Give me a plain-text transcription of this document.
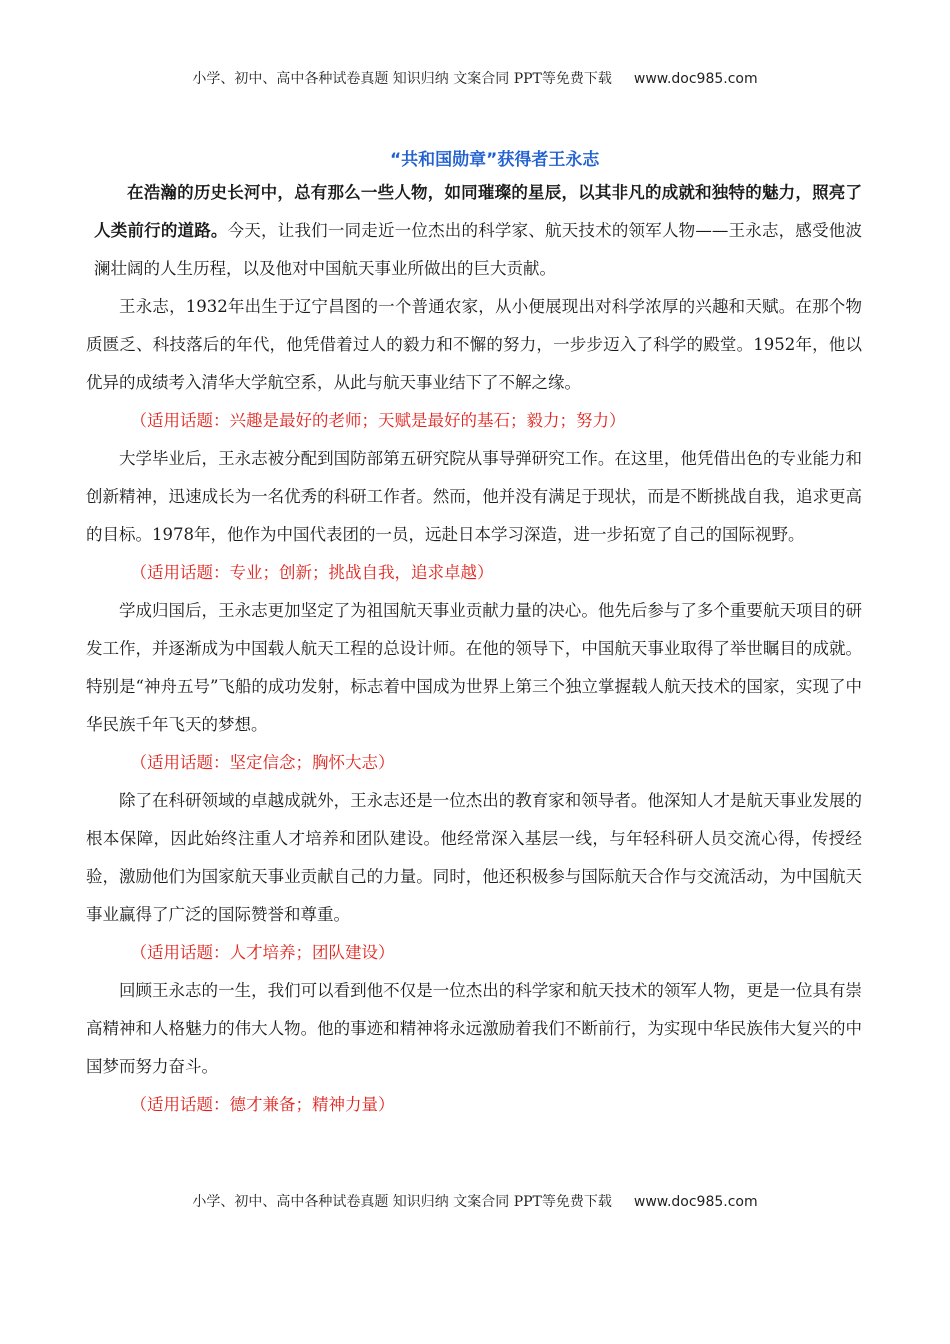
小学、初中、高中各种试卷真题 知识归纳 文案合同 PPT等免费下载 www.doc985.com
“共和国勋章”获得者王永志

在浩瀚的历史长河中，总有那么一些人物，如同璀璨的星辰，以其非凡的成就和独特的魅力，照亮了人类前行的道路。今天，让我们一同走近一位杰出的科学家、航天技术的领军人物——王永志，感受他波澜壮阔的人生历程，以及他对中国航天事业所做出的巨大贡献。

王永志，1932年出生于辽宁昌图的一个普通农家，从小便展现出对科学浓厚的兴趣和天赋。在那个物质匮乏、科技落后的年代，他凭借着过人的毅力和不懈的努力，一步步迈入了科学的殿堂。1952年，他以优异的成绩考入清华大学航空系，从此与航天事业结下了不解之缘。

（适用话题：兴趣是最好的老师；天赋是最好的基石；毅力；努力）

大学毕业后，王永志被分配到国防部第五研究院从事导弹研究工作。在这里，他凭借出色的专业能力和创新精神，迅速成长为一名优秀的科研工作者。然而，他并没有满足于现状，而是不断挑战自我，追求更高的目标。1978年，他作为中国代表团的一员，远赴日本学习深造，进一步拓宽了自己的国际视野。

（适用话题：专业；创新；挑战自我，追求卓越）

学成归国后，王永志更加坚定了为祖国航天事业贡献力量的决心。他先后参与了多个重要航天项目的研发工作，并逐渐成为中国载人航天工程的总设计师。在他的领导下，中国航天事业取得了举世瞩目的成就。特别是“神舟五号”飞船的成功发射，标志着中国成为世界上第三个独立掌握载人航天技术的国家，实现了中华民族千年飞天的梦想。

（适用话题：坚定信念；胸怀大志）

除了在科研领域的卓越成就外，王永志还是一位杰出的教育家和领导者。他深知人才是航天事业发展的根本保障，因此始终注重人才培养和团队建设。他经常深入基层一线，与年轻科研人员交流心得，传授经验，激励他们为国家航天事业贡献自己的力量。同时，他还积极参与国际航天合作与交流活动，为中国航天事业赢得了广泛的国际赞誉和尊重。

（适用话题：人才培养；团队建设）

回顾王永志的一生，我们可以看到他不仅是一位杰出的科学家和航天技术的领军人物，更是一位具有崇高精神和人格魅力的伟大人物。他的事迹和精神将永远激励着我们不断前行，为实现中华民族伟大复兴的中国梦而努力奋斗。

（适用话题：德才兼备；精神力量）

小学、初中、高中各种试卷真题 知识归纳 文案合同 PPT等免费下载 www.doc985.com
